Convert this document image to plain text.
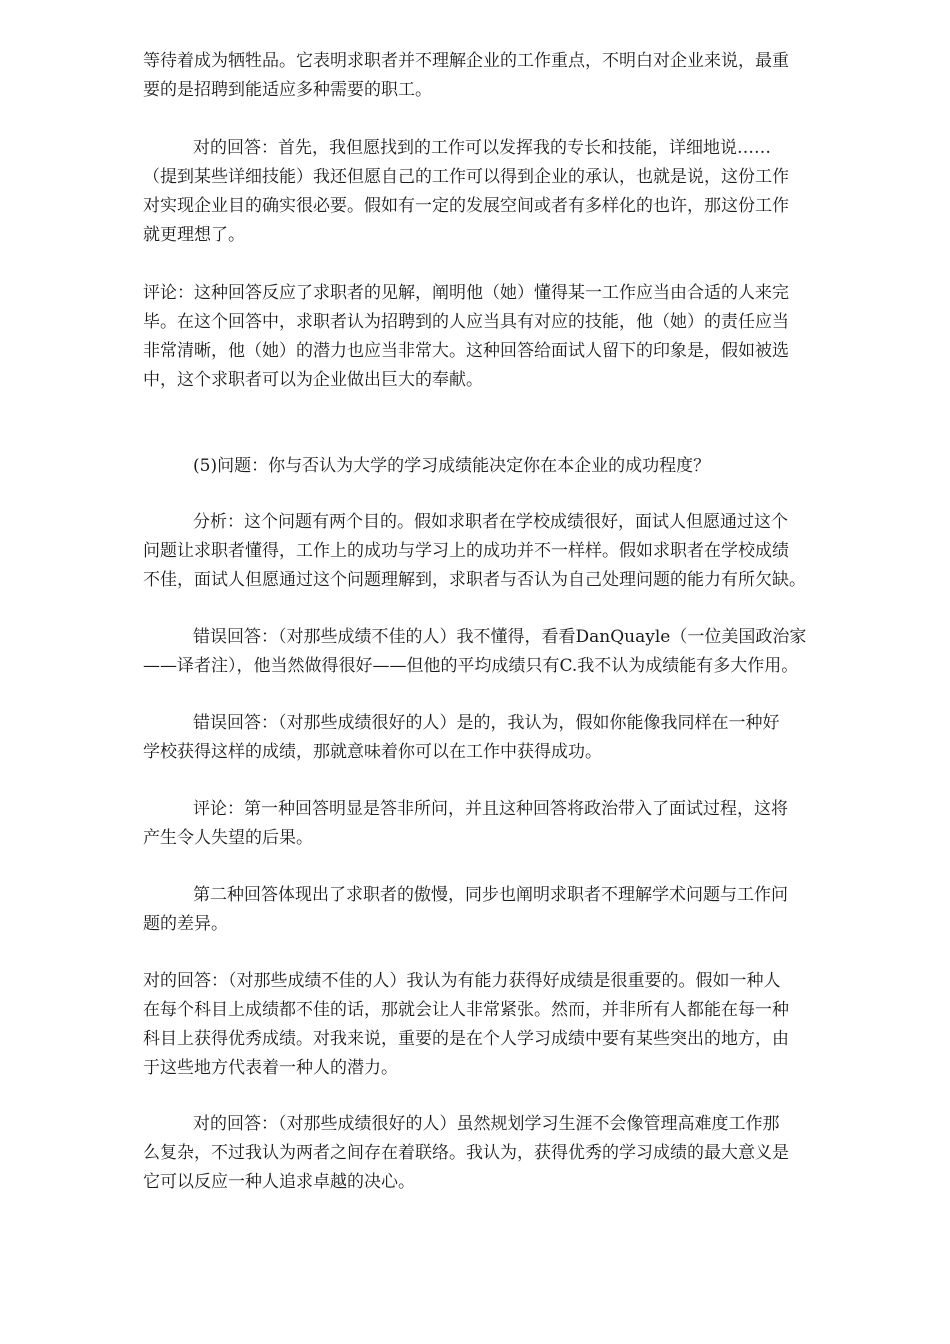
等待着成为牺牲品。它表明求职者并不理解企业的工作重点，不明白对企业来说，最重
要的是招聘到能适应多种需要的职工。
对的回答：首先，我但愿找到的工作可以发挥我的专长和技能，详细地说……
（提到某些详细技能）我还但愿自己的工作可以得到企业的承认，也就是说，这份工作
对实现企业目的确实很必要。假如有一定的发展空间或者有多样化的也许，那这份工作
就更理想了。
评论：这种回答反应了求职者的见解，阐明他（她）懂得某一工作应当由合适的人来完
毕。在这个回答中，求职者认为招聘到的人应当具有对应的技能，他（她）的责任应当
非常清晰，他（她）的潜力也应当非常大。这种回答给面试人留下的印象是，假如被选
中，这个求职者可以为企业做出巨大的奉献。
(5)问题：你与否认为大学的学习成绩能决定你在本企业的成功程度？
分析：这个问题有两个目的。假如求职者在学校成绩很好，面试人但愿通过这个
问题让求职者懂得，工作上的成功与学习上的成功并不一样样。假如求职者在学校成绩
不佳，面试人但愿通过这个问题理解到，求职者与否认为自己处理问题的能力有所欠缺。
错误回答：（对那些成绩不佳的人）我不懂得，看看DanQuayle（一位美国政治家
——译者注），他当然做得很好——但他的平均成绩只有C.我不认为成绩能有多大作用。
错误回答：（对那些成绩很好的人）是的，我认为，假如你能像我同样在一种好
学校获得这样的成绩，那就意味着你可以在工作中获得成功。
评论：第一种回答明显是答非所问，并且这种回答将政治带入了面试过程，这将
产生令人失望的后果。
第二种回答体现出了求职者的傲慢，同步也阐明求职者不理解学术问题与工作问
题的差异。
对的回答：（对那些成绩不佳的人）我认为有能力获得好成绩是很重要的。假如一种人
在每个科目上成绩都不佳的话，那就会让人非常紧张。然而，并非所有人都能在每一种
科目上获得优秀成绩。对我来说，重要的是在个人学习成绩中要有某些突出的地方，由
于这些地方代表着一种人的潜力。
对的回答：（对那些成绩很好的人）虽然规划学习生涯不会像管理高难度工作那
么复杂，不过我认为两者之间存在着联络。我认为，获得优秀的学习成绩的最大意义是
它可以反应一种人追求卓越的决心。
